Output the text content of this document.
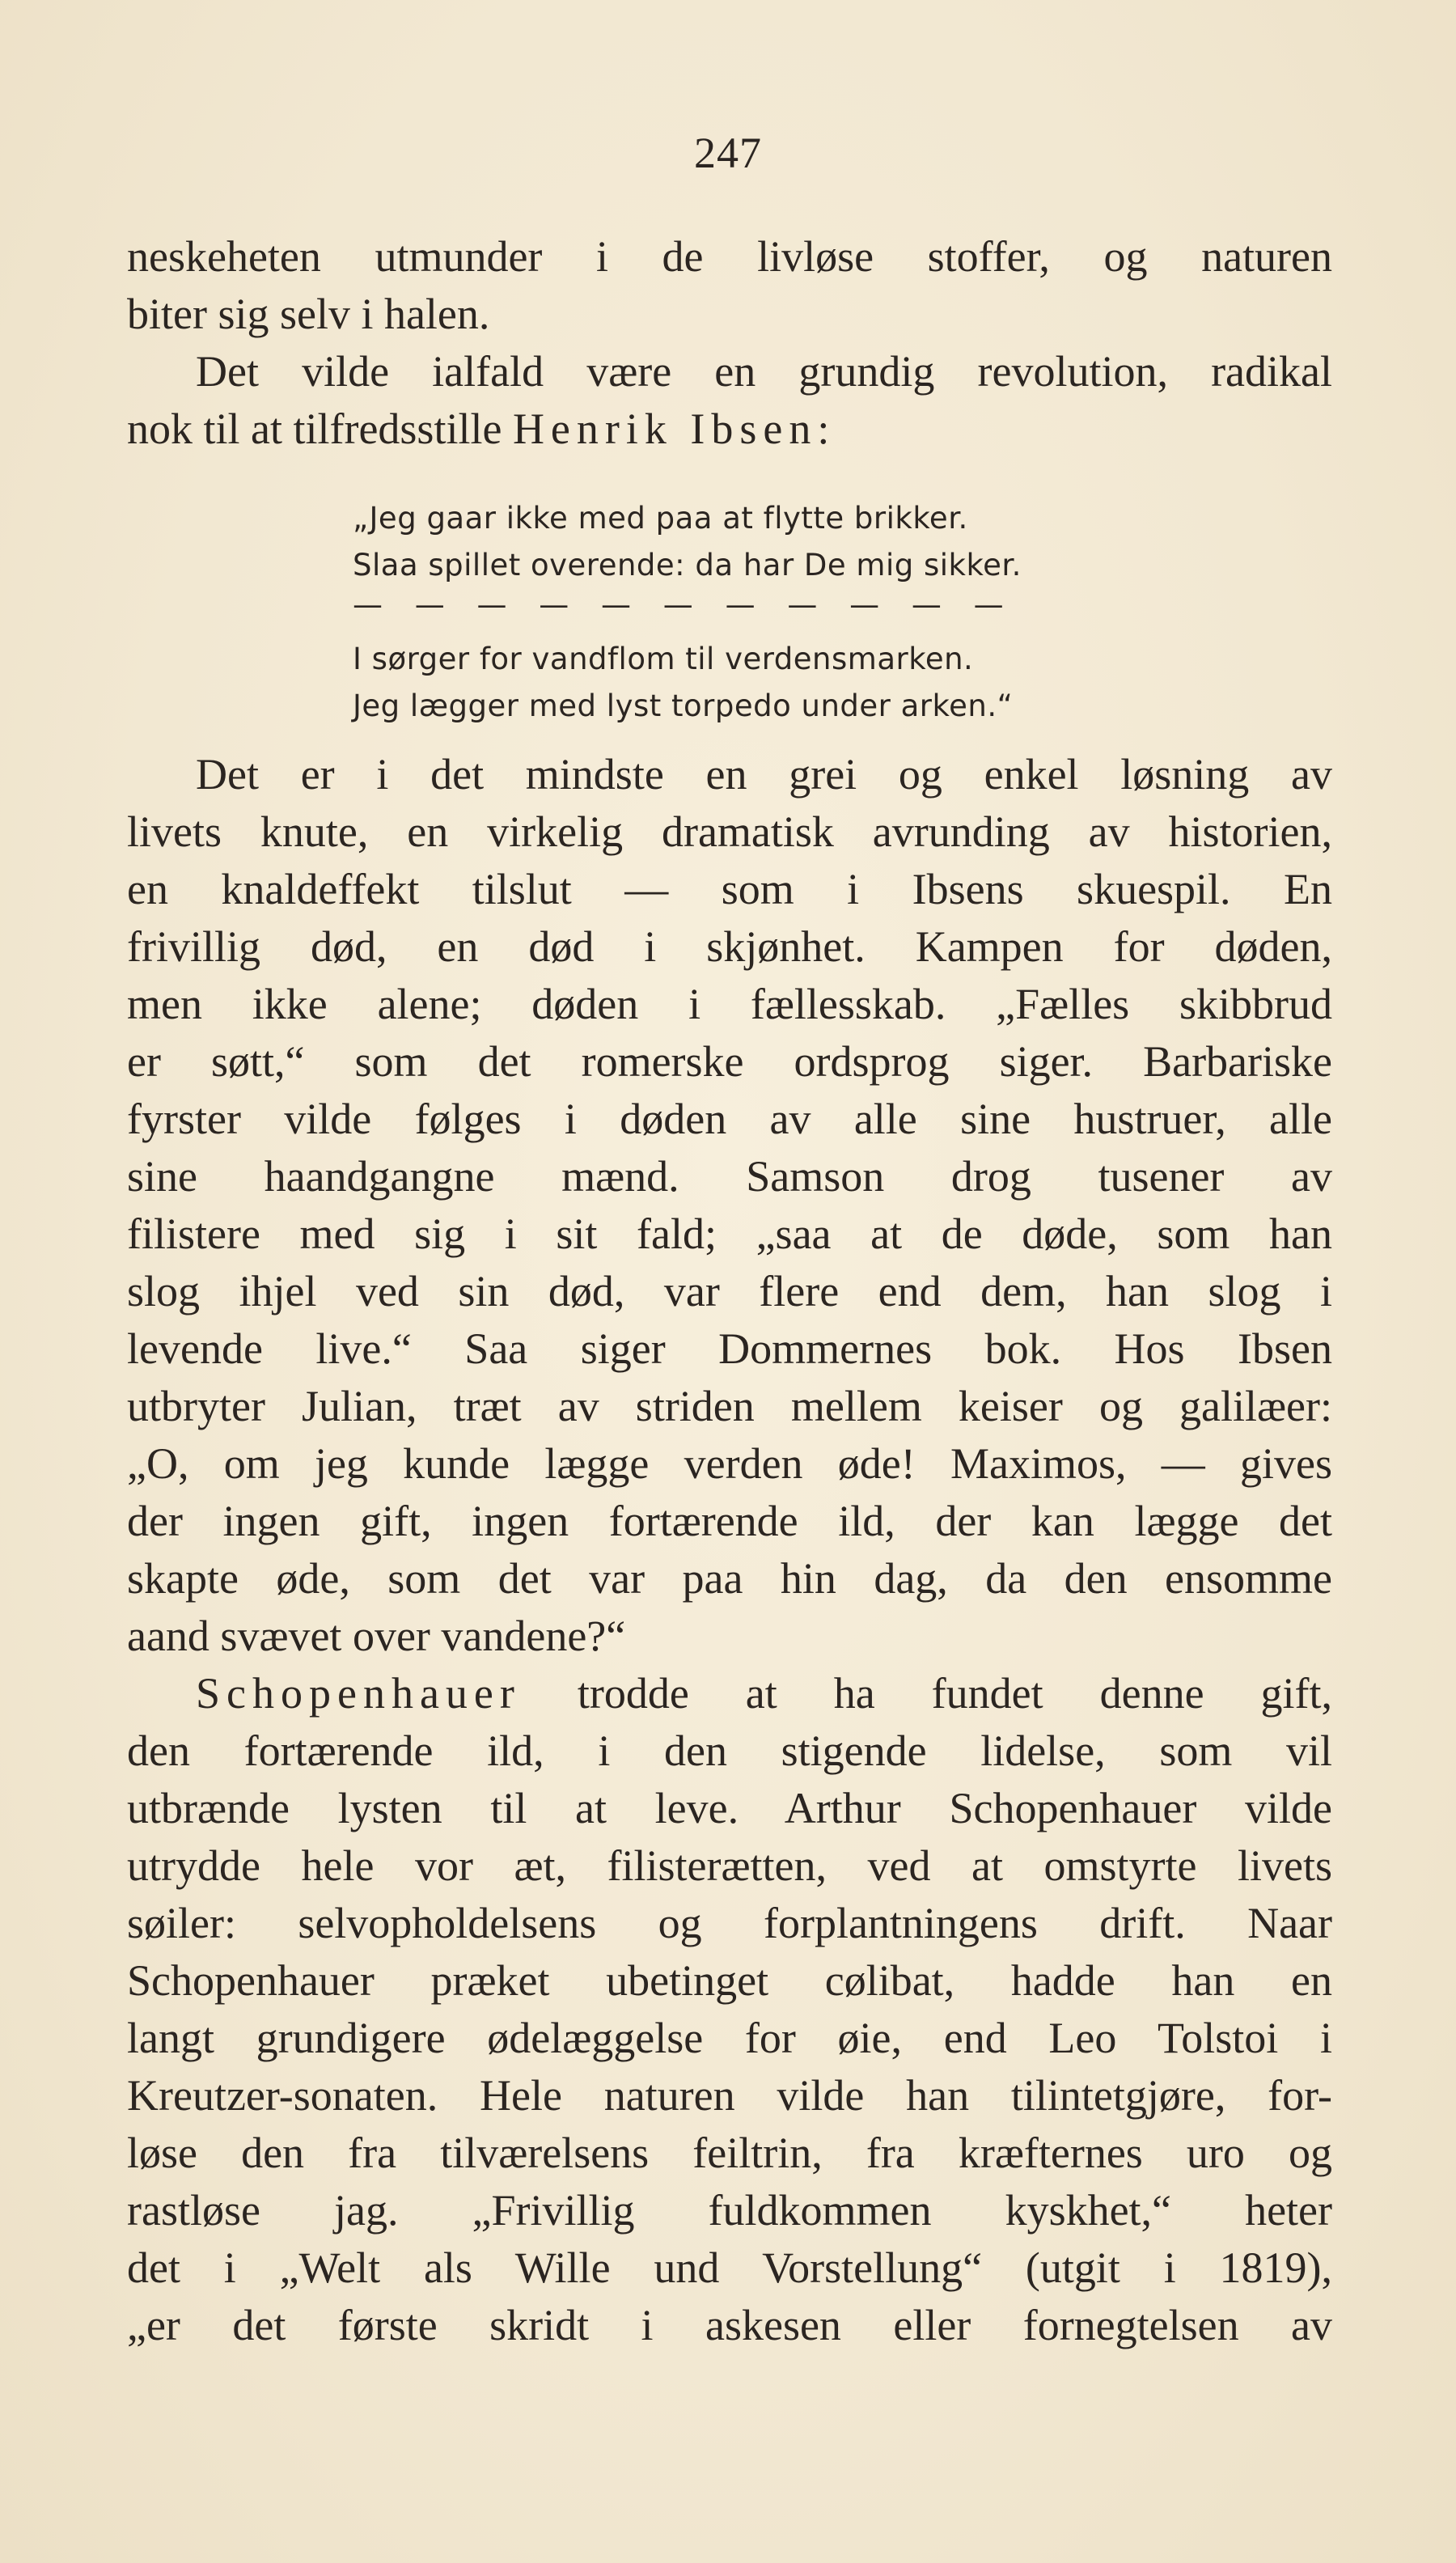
247
neskeheten utmunder i de livløse stoffer, og naturen
biter sig selv i halen.
Det vilde ialfald være en grundig revolution, radikal
nok til at tilfredsstille Henrik Ibsen:
„Jeg gaar ikke med paa at flytte brikker.
Slaa spillet overende: da har De mig sikker.
— — — — — — — — — — —
I sørger for vandflom til verdensmarken.
Jeg lægger med lyst torpedo under arken.“
Det er i det mindste en grei og enkel løsning av
livets knute, en virkelig dramatisk avrunding av historien,
en knaldeffekt tilslut — som i Ibsens skuespil. En
frivillig død, en død i skjønhet. Kampen for døden,
men ikke alene; døden i fællesskab. „Fælles skibbrud
er søtt,“ som det romerske ordsprog siger. Barbariske
fyrster vilde følges i døden av alle sine hustruer, alle
sine haandgangne mænd. Samson drog tusener av
filistere med sig i sit fald; „saa at de døde, som han
slog ihjel ved sin død, var flere end dem, han slog i
levende live.“ Saa siger Dommernes bok. Hos Ibsen
utbryter Julian, træt av striden mellem keiser og galilæer:
„O, om jeg kunde lægge verden øde! Maximos, — gives
der ingen gift, ingen fortærende ild, der kan lægge det
skapte øde, som det var paa hin dag, da den ensomme
aand svævet over vandene?“
Schopenhauer trodde at ha fundet denne gift,
den fortærende ild, i den stigende lidelse, som vil
utbrænde lysten til at leve. Arthur Schopenhauer vilde
utrydde hele vor æt, filisterætten, ved at omstyrte livets
søiler: selvopholdelsens og forplantningens drift. Naar
Schopenhauer præket ubetinget cølibat, hadde han en
langt grundigere ødelæggelse for øie, end Leo Tolstoi i
Kreutzer-sonaten. Hele naturen vilde han tilintetgjøre, for-
løse den fra tilværelsens feiltrin, fra kræfternes uro og
rastløse jag. „Frivillig fuldkommen kyskhet,“ heter
det i „Welt als Wille und Vorstellung“ (utgit i 1819),
„er det første skridt i askesen eller fornegtelsen av
